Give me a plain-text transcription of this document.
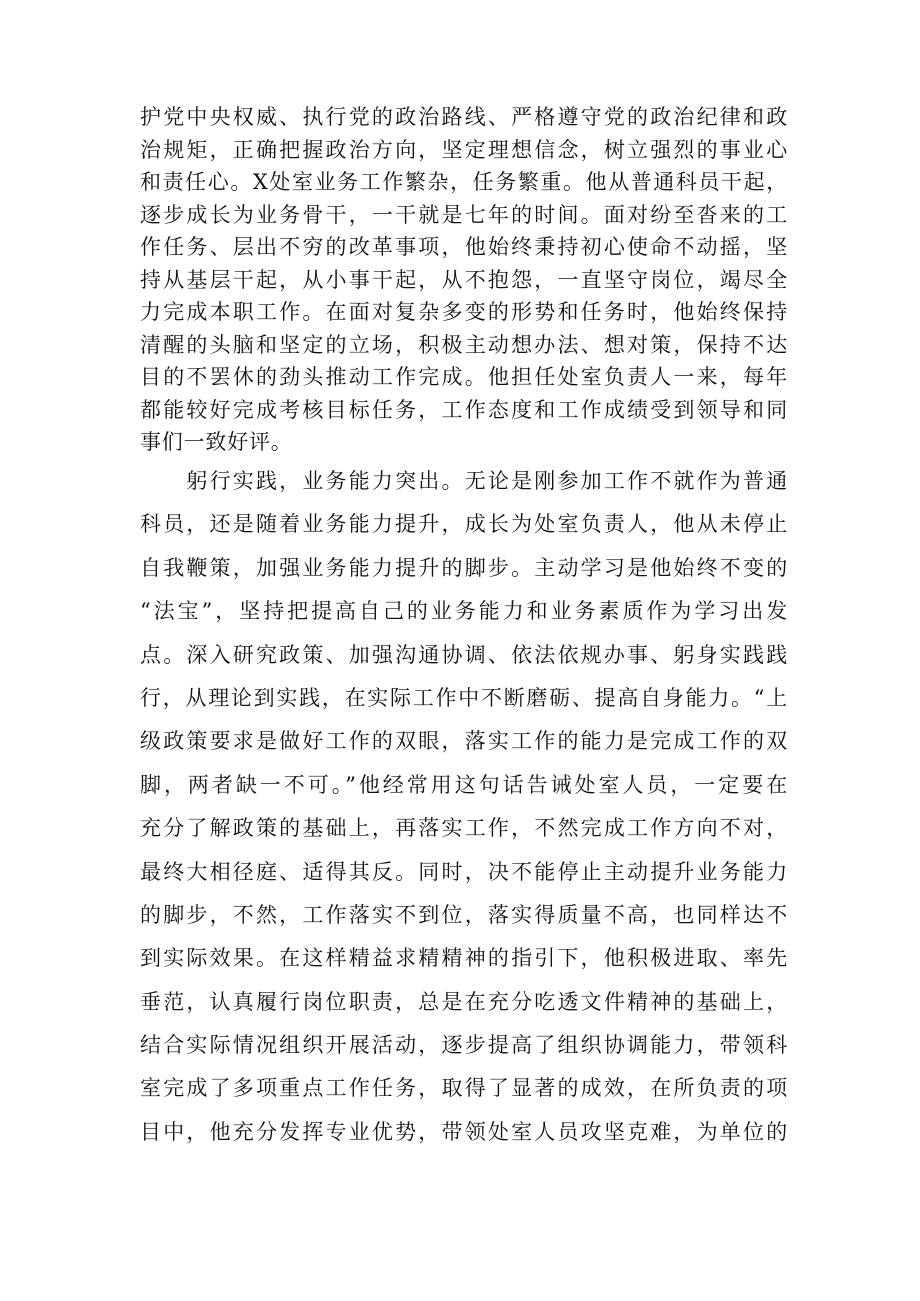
护党中央权威、执行党的政治路线、严格遵守党的政治纪律和政
治规矩，正确把握政治方向，坚定理想信念，树立强烈的事业心
和责任心。X处室业务工作繁杂，任务繁重。他从普通科员干起，
逐步成长为业务骨干，一干就是七年的时间。面对纷至沓来的工
作任务、层出不穷的改革事项，他始终秉持初心使命不动摇，坚
持从基层干起，从小事干起，从不抱怨，一直坚守岗位，竭尽全
力完成本职工作。在面对复杂多变的形势和任务时，他始终保持
清醒的头脑和坚定的立场，积极主动想办法、想对策，保持不达
目的不罢休的劲头推动工作完成。他担任处室负责人一来，每年
都能较好完成考核目标任务，工作态度和工作成绩受到领导和同
事们一致好评。
　　躬行实践，业务能力突出。无论是刚参加工作不就作为普通
科员，还是随着业务能力提升，成长为处室负责人，他从未停止
自我鞭策，加强业务能力提升的脚步。主动学习是他始终不变的
“法宝”，坚持把提高自己的业务能力和业务素质作为学习出发
点。深入研究政策、加强沟通协调、依法依规办事、躬身实践践
行，从理论到实践，在实际工作中不断磨砺、提高自身能力。“上
级政策要求是做好工作的双眼，落实工作的能力是完成工作的双
脚，两者缺一不可。”他经常用这句话告诫处室人员，一定要在
充分了解政策的基础上，再落实工作，不然完成工作方向不对，
最终大相径庭、适得其反。同时，决不能停止主动提升业务能力
的脚步，不然，工作落实不到位，落实得质量不高，也同样达不
到实际效果。在这样精益求精精神的指引下，他积极进取、率先
垂范，认真履行岗位职责，总是在充分吃透文件精神的基础上，
结合实际情况组织开展活动，逐步提高了组织协调能力，带领科
室完成了多项重点工作任务，取得了显著的成效，在所负责的项
目中，他充分发挥专业优势，带领处室人员攻坚克难，为单位的
